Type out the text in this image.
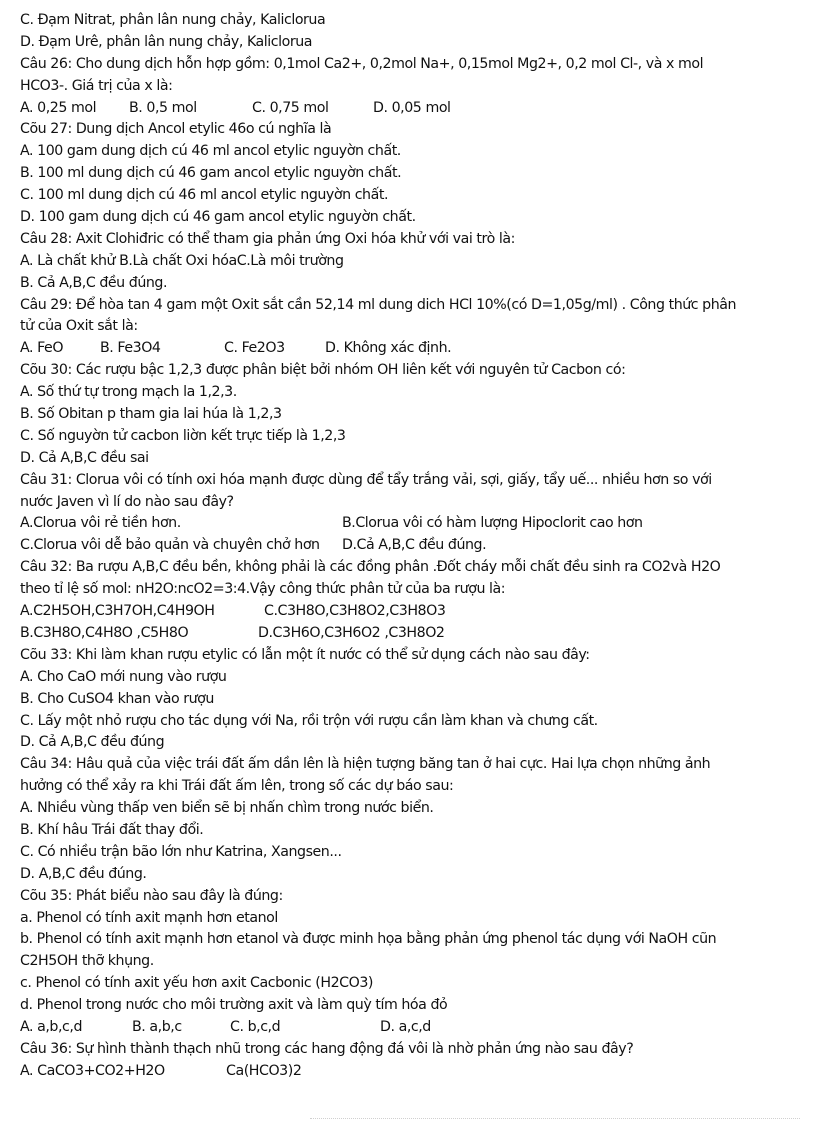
C. Đạm Nitrat, phân lân nung chảy, Kaliclorua
D. Đạm Urê, phân lân nung chảy, Kaliclorua
Câu 26: Cho dung dịch hỗn hợp gồm: 0,1mol Ca2+, 0,2mol Na+, 0,15mol Mg2+, 0,2 mol Cl-, và x mol
HCO3-. Giá trị của x là:
A. 0,25 mol B. 0,5 mol	C. 0,75 mol	D. 0,05 mol
Cõu 27: Dung dịch Ancol etylic 46o cú nghĩa là
A. 100 gam dung dịch cú 46 ml ancol etylic nguyờn chất.
B. 100 ml dung dịch cú 46 gam ancol etylic nguyờn chất.
C. 100 ml dung dịch cú 46 ml ancol etylic nguyờn chất.
D. 100 gam dung dịch cú 46 gam ancol etylic nguyờn chất.
Câu 28: Axit Clohiđric có thể tham gia phản ứng Oxi hóa khử với vai trò là:
A. Là chất khử B.Là chất Oxi hóaC.Là môi trường
B. Cả A,B,C đều đúng.
Câu 29: Để hòa tan 4 gam một Oxit sắt cần 52,14 ml dung dich HCl 10%(có D=1,05g/ml) . Công thức phân
tử của Oxit sắt là:
A. FeO	B. Fe3O4	C. Fe2O3	D. Không xác định.
Cõu 30: Các rượu bậc 1,2,3 được phân biệt bởi nhóm OH liên kết với nguyên tử Cacbon có:
A. Số thứ tự trong mạch la 1,2,3.
B. Số Obitan p tham gia lai húa là 1,2,3
C. Số nguyờn tử cacbon liờn kết trực tiếp là 1,2,3
D. Cả A,B,C đều sai
Câu 31: Clorua vôi có tính oxi hóa mạnh được dùng để tẩy trắng vải, sợi, giấy, tẩy uế... nhiều hơn so với
nước Javen vì lí do nào sau đây?
A.Clorua vôi rẻ tiền hơn.	B.Clorua vôi có hàm lượng Hipoclorit cao hơn
C.Clorua vôi dễ bảo quản và chuyên chở hơn D.Cả A,B,C đều đúng.
Câu 32: Ba rượu A,B,C đều bền, không phải là các đồng phân .Đốt cháy mỗi chất đều sinh ra CO2và H2O
theo tỉ lệ số mol: nH2O:ncO2=3:4.Vậy công thức phân tử của ba rượu là:
A.C2H5OH,C3H7OH,C4H9OH	C.C3H8O,C3H8O2,C3H8O3
B.C3H8O,C4H8O ,C5H8O	D.C3H6O,C3H6O2 ,C3H8O2
Cõu 33: Khi làm khan rượu etylic có lẫn một ít nước có thể sử dụng cách nào sau đây:
A. Cho CaO mới nung vào rượu
B. Cho CuSO4 khan vào rượu
C. Lấy một nhỏ rượu cho tác dụng với Na, rồi trộn với rượu cần làm khan và chưng cất.
D. Cả A,B,C đều đúng
Câu 34: Hâu quả của việc trái đất ấm dần lên là hiện tượng băng tan ở hai cực. Hai lựa chọn những ảnh
hưởng có thể xảy ra khi Trái đất ấm lên, trong số các dự báo sau:
A. Nhiều vùng thấp ven biển sẽ bị nhấn chìm trong nước biển.
B. Khí hâu Trái đất thay đổi.
C. Có nhiều trận bão lớn như Katrina, Xangsen...
D. A,B,C đều đúng.
Cõu 35: Phát biểu nào sau đây là đúng:
a. Phenol có tính axit mạnh hơn etanol
b. Phenol có tính axit mạnh hơn etanol và được minh họa bằng phản ứng phenol tác dụng với NaOH cũn
C2H5OH thỡ khụng.
c. Phenol có tính axit yếu hơn axit Cacbonic (H2CO3)
d. Phenol trong nước cho môi trường axit và làm quỳ tím hóa đỏ
A. a,b,c,d	B. a,b,c	C. b,c,d	D. a,c,d
Câu 36: Sự hình thành thạch nhũ trong các hang động đá vôi là nhờ phản ứng nào sau đây?
A. CaCO3+CO2+H2O	Ca(HCO3)2
